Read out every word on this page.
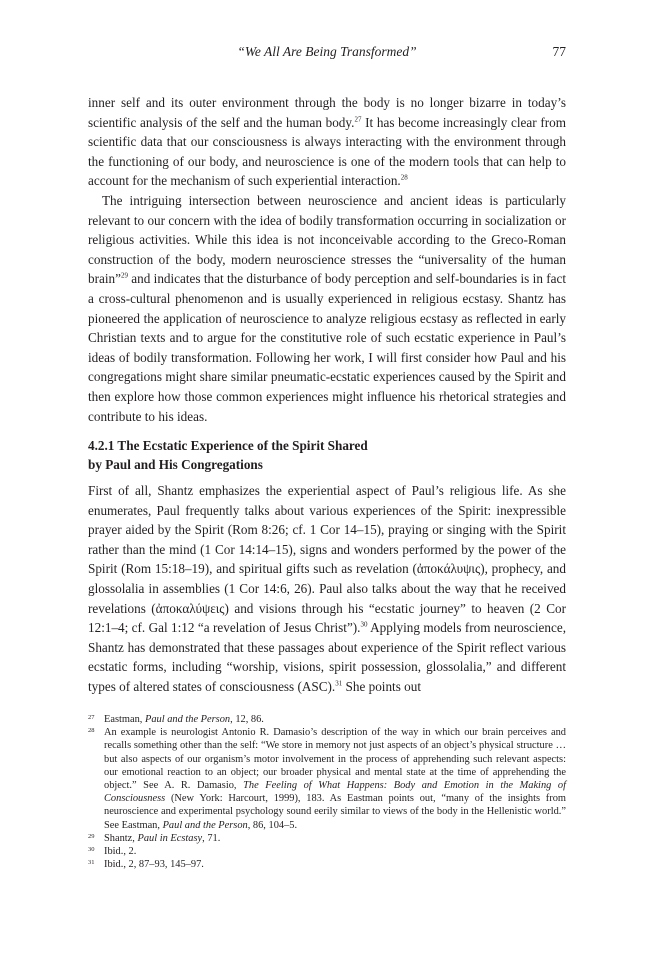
“We All Are Being Transformed”	77

inner self and its outer environment through the body is no longer bizarre in today’s scientific analysis of the self and the human body.$^{27}$ It has become increasingly clear from scientific data that our consciousness is always interacting with the environment through the functioning of our body, and neuroscience is one of the modern tools that can help to account for the mechanism of such experiential interaction.$^{28}$

The intriguing intersection between neuroscience and ancient ideas is particularly relevant to our concern with the idea of bodily transformation occurring in socialization or religious activities. While this idea is not inconceivable according to the Greco-Roman construction of the body, modern neuroscience stresses the “universality of the human brain”$^{29}$ and indicates that the disturbance of body perception and self-boundaries is in fact a cross-cultural phenomenon and is usually experienced in religious ecstasy. Shantz has pioneered the application of neuroscience to analyze religious ecstasy as reflected in early Christian texts and to argue for the constitutive role of such ecstatic experience in Paul’s ideas of bodily transformation. Following her work, I will first consider how Paul and his congregations might share similar pneumatic-ecstatic experiences caused by the Spirit and then explore how those common experiences might influence his rhetorical strategies and contribute to his ideas.

4.2.1 The Ecstatic Experience of the Spirit Shared
by Paul and His Congregations

First of all, Shantz emphasizes the experiential aspect of Paul’s religious life. As she enumerates, Paul frequently talks about various experiences of the Spirit: inexpressible prayer aided by the Spirit (Rom 8:26; cf. 1 Cor 14–15), praying or singing with the Spirit rather than the mind (1 Cor 14:14–15), signs and wonders performed by the power of the Spirit (Rom 15:18–19), and spiritual gifts such as revelation (ἀποκάλυψις), prophecy, and glossolalia in assemblies (1 Cor 14:6, 26). Paul also talks about the way that he received revelations (ἀποκαλύψεις) and visions through his “ecstatic journey” to heaven (2 Cor 12:1–4; cf. Gal 1:12 “a revelation of Jesus Christ”).$^{30}$ Applying models from neuroscience, Shantz has demonstrated that these passages about experience of the Spirit reflect various ecstatic forms, including “worship, visions, spirit possession, glossolalia,” and different types of altered states of consciousness (ASC).$^{31}$ She points out

27 Eastman, Paul and the Person, 12, 86.
28 An example is neurologist Antonio R. Damasio’s description of the way in which our brain perceives and recalls something other than the self: “We store in memory not just aspects of an object’s physical structure … but also aspects of our organism’s motor involvement in the process of apprehending such relevant aspects: our emotional reaction to an object; our broader physical and mental state at the time of apprehending the object.” See A. R. Damasio, The Feeling of What Happens: Body and Emotion in the Making of Consciousness (New York: Harcourt, 1999), 183. As Eastman points out, “many of the insights from neuroscience and experimental psychology sound eerily similar to views of the body in the Hellenistic world.” See Eastman, Paul and the Person, 86, 104–5.
29 Shantz, Paul in Ecstasy, 71.
30 Ibid., 2.
31 Ibid., 2, 87–93, 145–97.
